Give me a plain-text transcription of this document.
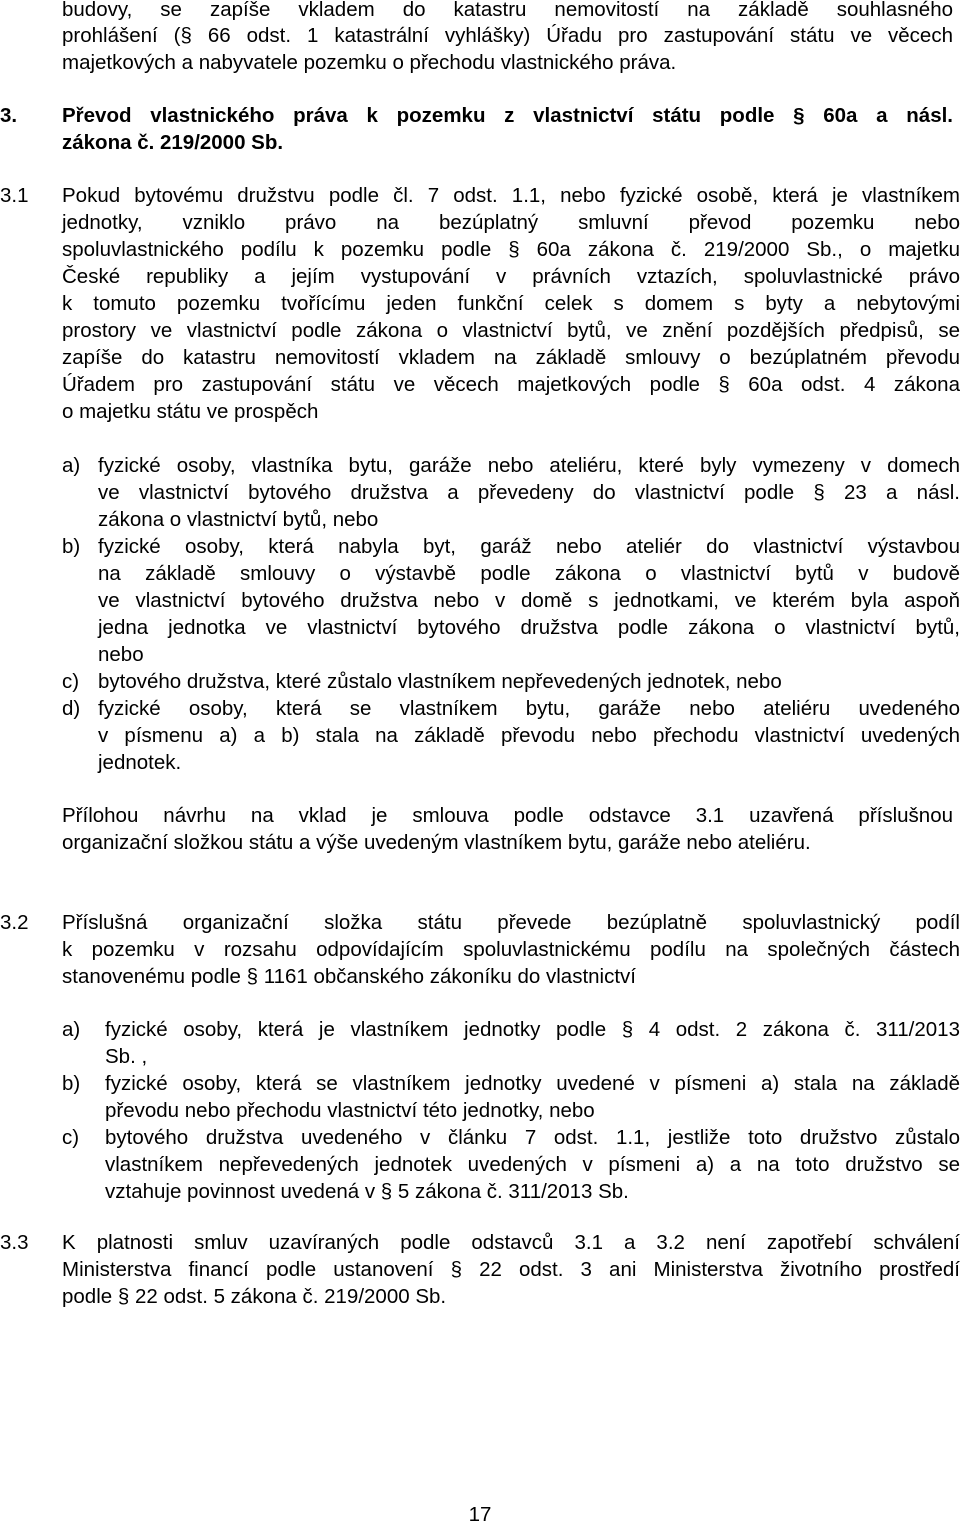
budovy, se zapíše vkladem do katastru nemovitostí na základě souhlasného
prohlášení (§ 66 odst. 1 katastrální vyhlášky) Úřadu pro zastupování státu ve věcech
majetkových a nabyvatele pozemku o přechodu vlastnického práva.
3. Převod vlastnického práva k pozemku z vlastnictví státu podle § 60a a násl.
zákona č. 219/2000 Sb.
3.1 Pokud bytovému družstvu podle čl. 7 odst. 1.1, nebo fyzické osobě, která je vlastníkem
jednotky, vzniklo právo na bezúplatný smluvní převod pozemku nebo
spoluvlastnického podílu k pozemku podle § 60a zákona č. 219/2000 Sb., o majetku
České republiky a jejím vystupování v právních vztazích, spoluvlastnické právo
k tomuto pozemku tvořícímu jeden funkční celek s domem s byty a nebytovými
prostory ve vlastnictví podle zákona o vlastnictví bytů, ve znění pozdějších předpisů, se
zapíše do katastru nemovitostí vkladem na základě smlouvy o bezúplatném převodu
Úřadem pro zastupování státu ve věcech majetkových podle § 60a odst. 4 zákona
o majetku státu ve prospěch
a) fyzické osoby, vlastníka bytu, garáže nebo ateliéru, které byly vymezeny v domech
ve vlastnictví bytového družstva a převedeny do vlastnictví podle § 23 a násl.
zákona o vlastnictví bytů, nebo
b) fyzické osoby, která nabyla byt, garáž nebo ateliér do vlastnictví výstavbou
na základě smlouvy o výstavbě podle zákona o vlastnictví bytů v budově
ve vlastnictví bytového družstva nebo v domě s jednotkami, ve kterém byla aspoň
jedna jednotka ve vlastnictví bytového družstva podle zákona o vlastnictví bytů,
nebo
c) bytového družstva, které zůstalo vlastníkem nepřevedených jednotek, nebo
d) fyzické osoby, která se vlastníkem bytu, garáže nebo ateliéru uvedeného
v písmenu a) a b) stala na základě převodu nebo přechodu vlastnictví uvedených
jednotek.
Přílohou návrhu na vklad je smlouva podle odstavce 3.1 uzavřená příslušnou
organizační složkou státu a výše uvedeným vlastníkem bytu, garáže nebo ateliéru.
3.2 Příslušná organizační složka státu převede bezúplatně spoluvlastnický podíl
k pozemku v rozsahu odpovídajícím spoluvlastnickému podílu na společných částech
stanovenému podle § 1161 občanského zákoníku do vlastnictví
a) fyzické osoby, která je vlastníkem jednotky podle § 4 odst. 2 zákona č. 311/2013
Sb. ,
b) fyzické osoby, která se vlastníkem jednotky uvedené v písmeni a) stala na základě
převodu nebo přechodu vlastnictví této jednotky, nebo
c) bytového družstva uvedeného v článku 7 odst. 1.1, jestliže toto družstvo zůstalo
vlastníkem nepřevedených jednotek uvedených v písmeni a) a na toto družstvo se
vztahuje povinnost uvedená v § 5 zákona č. 311/2013 Sb.
3.3 K platnosti smluv uzavíraných podle odstavců 3.1 a 3.2 není zapotřebí schválení
Ministerstva financí podle ustanovení § 22 odst. 3 ani Ministerstva životního prostředí
podle § 22 odst. 5 zákona č. 219/2000 Sb.
17
